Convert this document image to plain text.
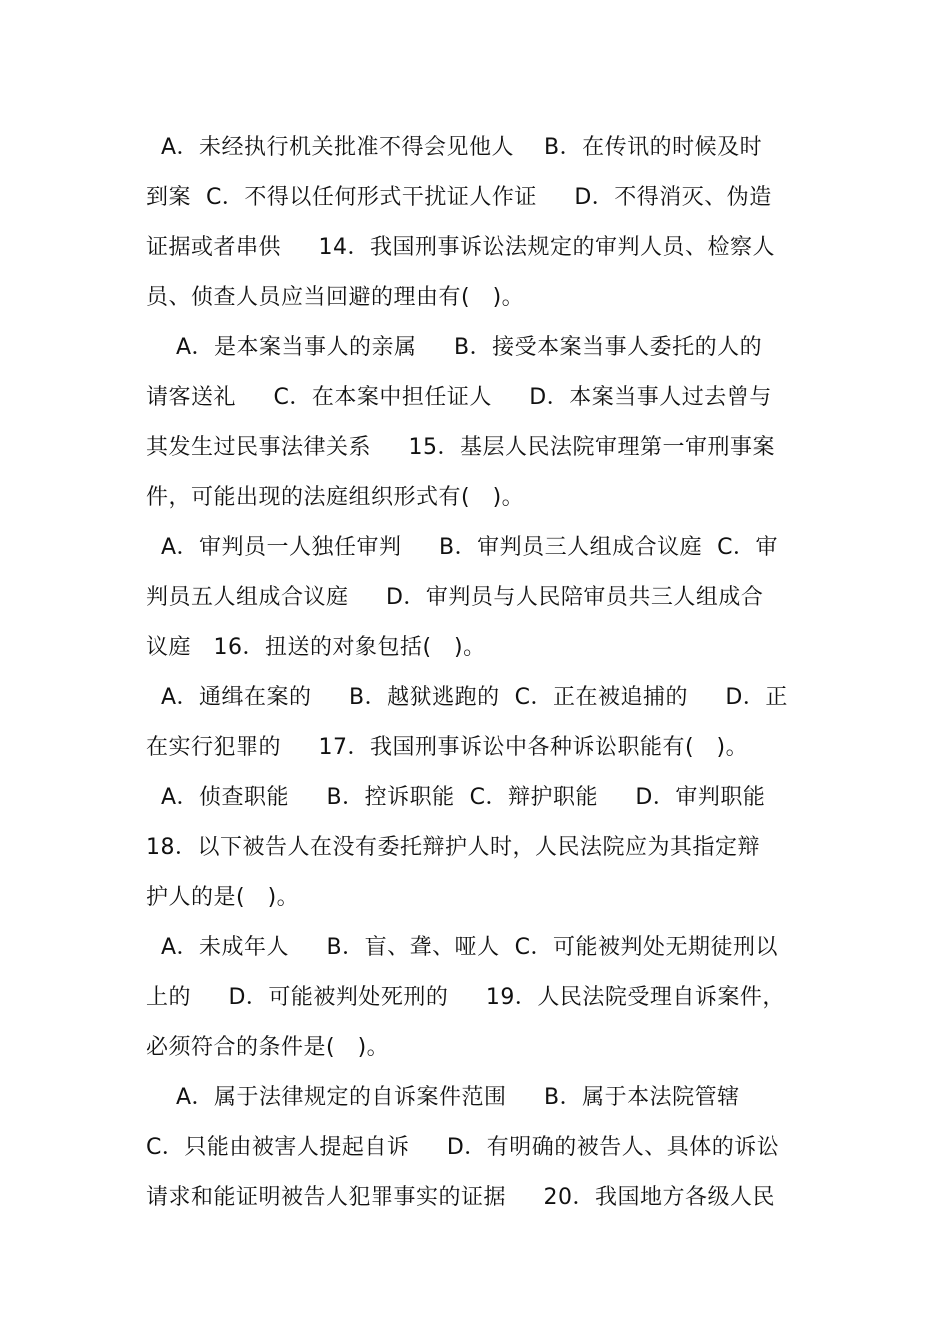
A．未经执行机关批准不得会见他人    B．在传讯的时候及时
到案  C．不得以任何形式干扰证人作证     D．不得消灭、伪造
证据或者串供     14．我国刑事诉讼法规定的审判人员、检察人
员、侦查人员应当回避的理由有(   )。
A．是本案当事人的亲属     B．接受本案当事人委托的人的
请客送礼     C．在本案中担任证人     D．本案当事人过去曾与
其发生过民事法律关系     15．基层人民法院审理第一审刑事案
件，可能出现的法庭组织形式有(   )。
A．审判员一人独任审判     B．审判员三人组成合议庭  C．审
判员五人组成合议庭     D．审判员与人民陪审员共三人组成合
议庭   16．扭送的对象包括(   )。
A．通缉在案的     B．越狱逃跑的  C．正在被追捕的     D．正
在实行犯罪的     17．我国刑事诉讼中各种诉讼职能有(   )。
A．侦查职能     B．控诉职能  C．辩护职能     D．审判职能
18．以下被告人在没有委托辩护人时，人民法院应为其指定辩
护人的是(   )。
A．未成年人     B．盲、聋、哑人  C．可能被判处无期徒刑以
上的     D．可能被判处死刑的     19．人民法院受理自诉案件，
必须符合的条件是(   )。
A．属于法律规定的自诉案件范围     B．属于本法院管辖
C．只能由被害人提起自诉     D．有明确的被告人、具体的诉讼
请求和能证明被告人犯罪事实的证据     20．我国地方各级人民
